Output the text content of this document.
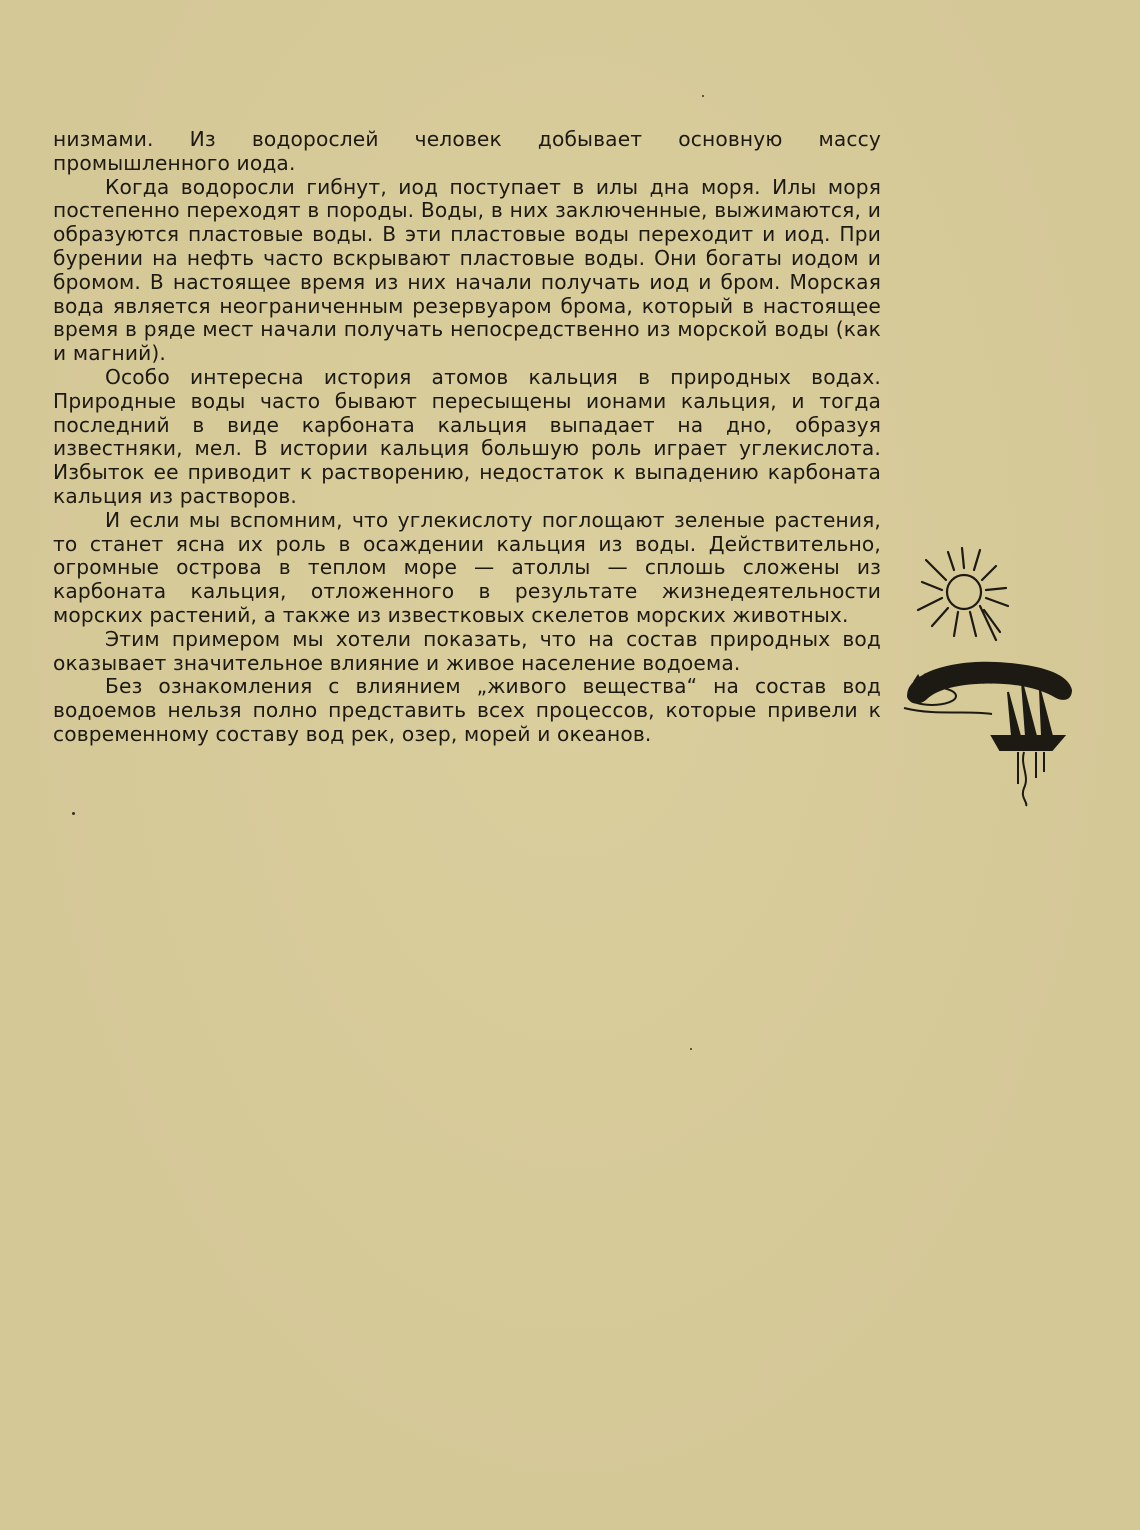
низмами. Из водорослей человек добывает основную массу промышленного иода.

Когда водоросли гибнут, иод поступает в илы дна моря. Илы моря постепенно переходят в породы. Воды, в них заключенные, выжимаются, и образуются пластовые воды. В эти пластовые воды переходит и иод. При бурении на нефть часто вскрывают пластовые воды. Они богаты иодом и бромом. В настоящее время из них начали получать иод и бром. Морская вода является неограниченным резервуаром брома, который в настоящее время в ряде мест начали получать непосредственно из морской воды (как и магний).

Особо интересна история атомов кальция в природных водах. Природные воды часто бывают пересыщены ионами кальция, и тогда последний в виде карбоната кальция выпадает на дно, образуя известняки, мел. В истории кальция большую роль играет углекислота. Избыток ее приводит к растворению, недостаток к выпадению карбоната кальция из растворов.

И если мы вспомним, что углекислоту поглощают зеленые растения, то станет ясна их роль в осаждении кальция из воды. Действительно, огромные острова в теплом море — атоллы — сплошь сложены из карбоната кальция, отложенного в результате жизнедеятельности морских растений, а также из известковых скелетов морских животных.

Этим примером мы хотели показать, что на состав природных вод оказывает значительное влияние и живое население водоема.

Без ознакомления с влиянием „живого вещества“ на состав вод водоемов нельзя полно представить всех процессов, которые привели к современному составу вод рек, озер, морей и океанов.
